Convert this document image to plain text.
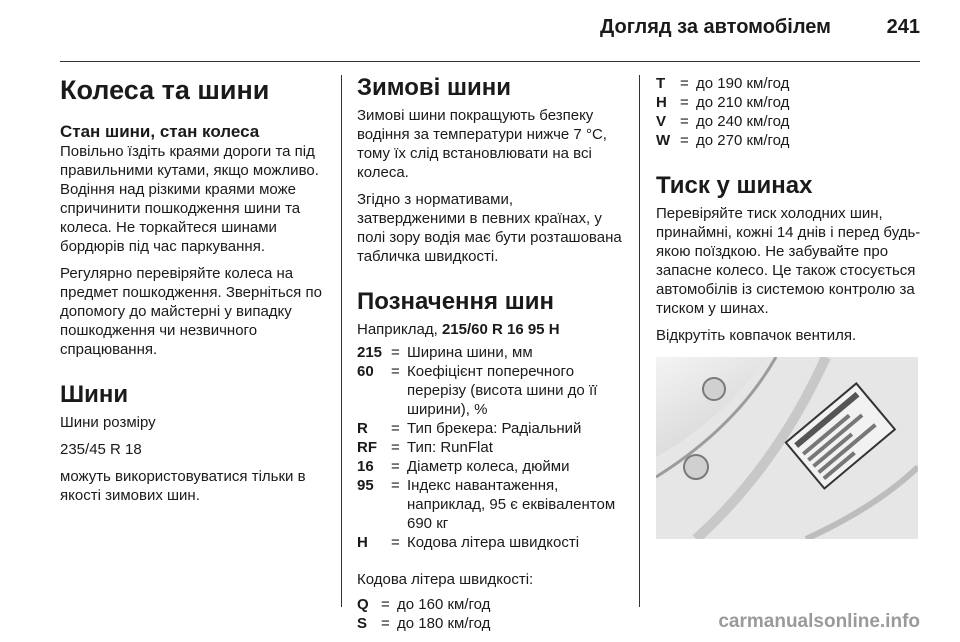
Догляд за автомобілем	241
Колеса та шини
Стан шини, стан колеса

Повільно їздіть краями дороги та під правильними кутами, якщо можливо. Водіння над різкими краями може спричинити пошкодження шини та колеса. Не торкайтеся шинами бордюрів під час паркування.

Регулярно перевіряйте колеса на предмет пошкодження. Зверніться по допомогу до майстерні у випадку пошкодження чи незвичного спрацювання.

Шини

Шини розміру

235/45 R 18

можуть використовуватися тільки в якості зимових шин.

Зимові шини

Зимові шини покращують безпеку водіння за температури нижче 7 °C, тому їх слід встановлювати на всі колеса.

Згідно з нормативами, затвердженими в певних країнах, у полі зору водія має бути розташована табличка швидкості.

Позначення шин

Наприклад, 215/60 R 16 95 H

215 = Ширина шини, мм
60	= Коефіцієнт поперечного перерізу (висота шини до її ширини), %
R	= Тип брекера: Радіальний
RF = Тип: RunFlat
16	= Діаметр колеса, дюйми
95	= Індекс навантаження, наприклад, 95 є еквівалентом 690 кг
H	= Кодова літера швидкості

Кодова літера швидкості:

Q = до 160 км/год
S = до 180 км/год
T = до 190 км/год
H = до 210 км/год
V = до 240 км/год
W = до 270 км/год
Тиск у шинах

Перевіряйте тиск холодних шин, принаймні, кожні 14 днів і перед будь-якою поїздкою. Не забувайте про запасне колесо. Це також стосується автомобілів із системою контролю за тиском у шинах.

Відкрутіть ковпачок вентиля.

carmanualsonline.info
